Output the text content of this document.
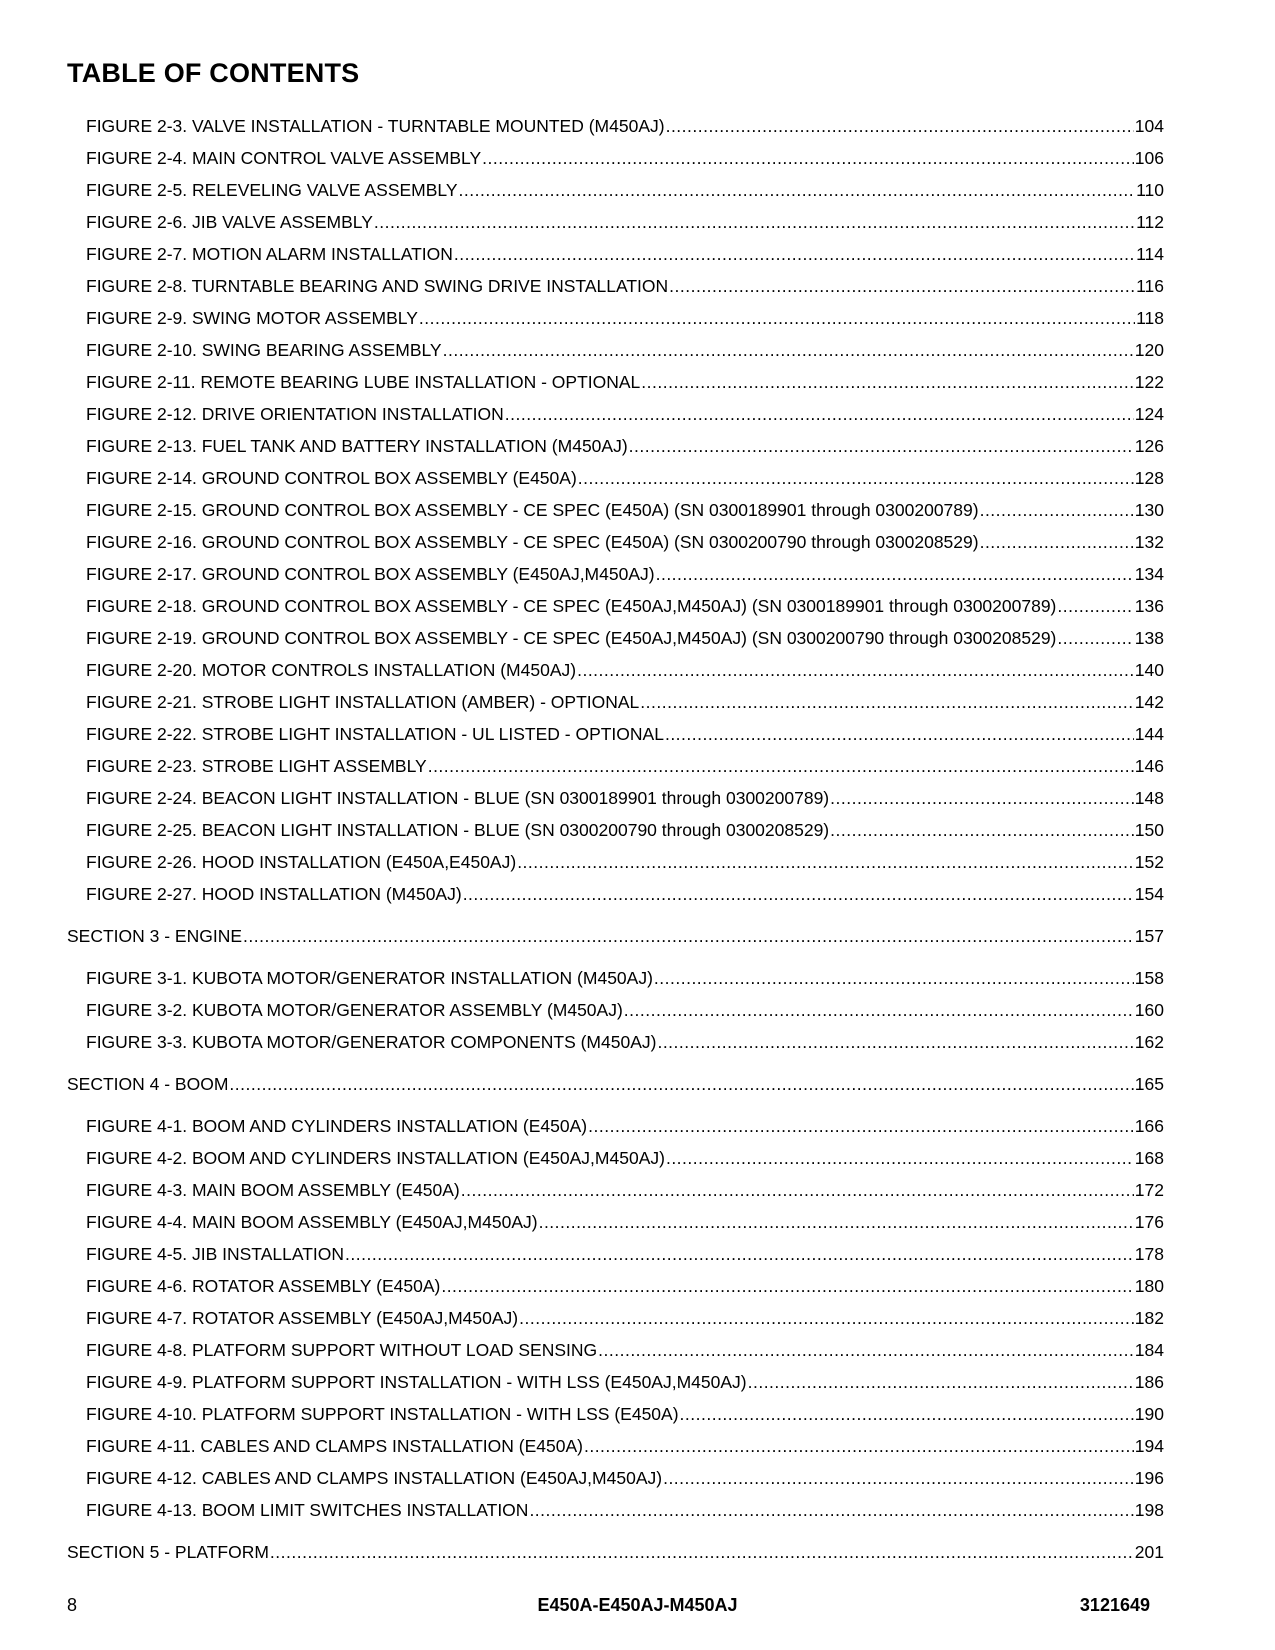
TABLE OF CONTENTS
FIGURE 2-3. VALVE INSTALLATION - TURNTABLE MOUNTED (M450AJ) .....	104
FIGURE 2-4. MAIN CONTROL VALVE ASSEMBLY .....	106
FIGURE 2-5. RELEVELING VALVE ASSEMBLY .....	110
FIGURE 2-6. JIB VALVE ASSEMBLY .....	112
FIGURE 2-7. MOTION ALARM INSTALLATION .....	114
FIGURE 2-8. TURNTABLE BEARING AND SWING DRIVE INSTALLATION .....	116
FIGURE 2-9. SWING MOTOR ASSEMBLY .....	118
FIGURE 2-10. SWING BEARING ASSEMBLY .....	120
FIGURE 2-11. REMOTE BEARING LUBE INSTALLATION - OPTIONAL .....	122
FIGURE 2-12. DRIVE ORIENTATION INSTALLATION .....	124
FIGURE 2-13. FUEL TANK AND BATTERY INSTALLATION (M450AJ) .....	126
FIGURE 2-14. GROUND CONTROL BOX ASSEMBLY (E450A) .....	128
FIGURE 2-15. GROUND CONTROL BOX ASSEMBLY - CE SPEC (E450A) (SN 0300189901 through 0300200789) .....	130
FIGURE 2-16. GROUND CONTROL BOX ASSEMBLY - CE SPEC (E450A) (SN 0300200790 through 0300208529) .....	132
FIGURE 2-17. GROUND CONTROL BOX ASSEMBLY (E450AJ,M450AJ) .....	134
FIGURE 2-18. GROUND CONTROL BOX ASSEMBLY - CE SPEC (E450AJ,M450AJ) (SN 0300189901 through 0300200789) .....	136
FIGURE 2-19. GROUND CONTROL BOX ASSEMBLY - CE SPEC (E450AJ,M450AJ) (SN 0300200790 through 0300208529) .....	138
FIGURE 2-20. MOTOR CONTROLS INSTALLATION (M450AJ) .....	140
FIGURE 2-21. STROBE LIGHT INSTALLATION (AMBER) - OPTIONAL .....	142
FIGURE 2-22. STROBE LIGHT INSTALLATION - UL LISTED - OPTIONAL .....	144
FIGURE 2-23. STROBE LIGHT ASSEMBLY .....	146
FIGURE 2-24. BEACON LIGHT INSTALLATION - BLUE (SN 0300189901 through 0300200789) .....	148
FIGURE 2-25. BEACON LIGHT INSTALLATION - BLUE (SN 0300200790 through 0300208529) .....	150
FIGURE 2-26. HOOD INSTALLATION (E450A,E450AJ) .....	152
FIGURE 2-27. HOOD INSTALLATION (M450AJ) .....	154
SECTION 3 - ENGINE .....	157
FIGURE 3-1. KUBOTA MOTOR/GENERATOR INSTALLATION (M450AJ) .....	158
FIGURE 3-2. KUBOTA MOTOR/GENERATOR ASSEMBLY (M450AJ) .....	160
FIGURE 3-3. KUBOTA MOTOR/GENERATOR COMPONENTS (M450AJ) .....	162
SECTION 4 - BOOM .....	165
FIGURE 4-1. BOOM AND CYLINDERS INSTALLATION (E450A) .....	166
FIGURE 4-2. BOOM AND CYLINDERS INSTALLATION (E450AJ,M450AJ) .....	168
FIGURE 4-3. MAIN BOOM ASSEMBLY (E450A) .....	172
FIGURE 4-4. MAIN BOOM ASSEMBLY (E450AJ,M450AJ) .....	176
FIGURE 4-5. JIB INSTALLATION .....	178
FIGURE 4-6. ROTATOR ASSEMBLY (E450A) .....	180
FIGURE 4-7. ROTATOR ASSEMBLY (E450AJ,M450AJ) .....	182
FIGURE 4-8. PLATFORM SUPPORT WITHOUT LOAD SENSING .....	184
FIGURE 4-9. PLATFORM SUPPORT INSTALLATION - WITH LSS (E450AJ,M450AJ) .....	186
FIGURE 4-10. PLATFORM SUPPORT INSTALLATION - WITH LSS (E450A) .....	190
FIGURE 4-11. CABLES AND CLAMPS INSTALLATION (E450A) .....	194
FIGURE 4-12. CABLES AND CLAMPS INSTALLATION (E450AJ,M450AJ) .....	196
FIGURE 4-13. BOOM LIMIT SWITCHES INSTALLATION .....	198
SECTION 5 - PLATFORM .....	201
8	E450A-E450AJ-M450AJ	3121649
